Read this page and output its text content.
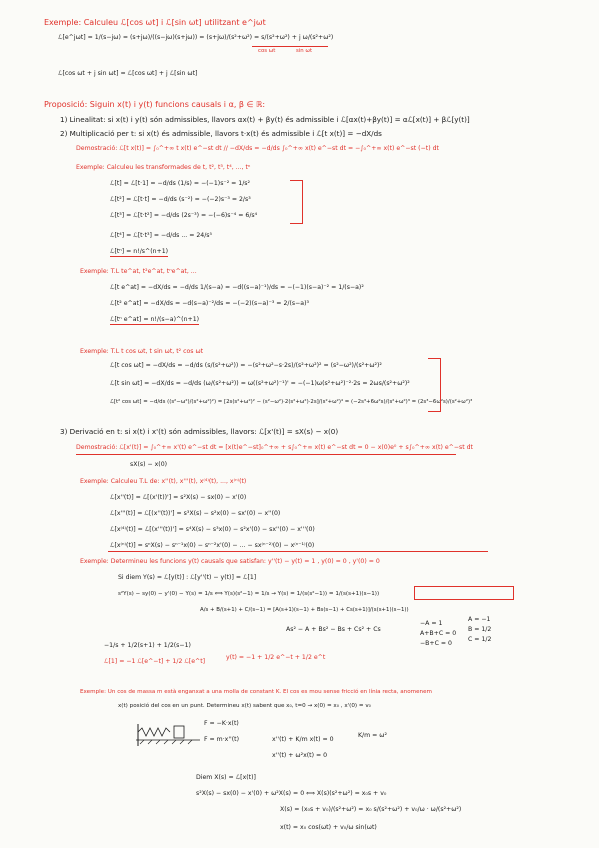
Exemple: Calculeu ℒ[cos ωt] i ℒ[sin ωt] utilitzant e^jωt
ℒ[e^jωt] = 1/(s−jω) = (s+jω)/((s−jω)(s+jω)) = (s+jω)/(s²+ω²) = s/(s²+ω²) + j ω/(s²+ω²)
cos ωt	sin ωt
ℒ[cos ωt + j sin ωt] = ℒ[cos ωt] + j ℒ[sin ωt]
Proposició: Siguin x(t) i y(t) funcions causals i α, β ∈ ℝ:
1) Linealitat: si x(t) i y(t) són admissibles, llavors αx(t) + βy(t) és admissible i ℒ[αx(t)+βy(t)] = αℒ[x(t)] + βℒ[y(t)]
2) Multiplicació per t: si x(t) és admissible, llavors t·x(t) és admissible i ℒ[t x(t)] = −dX/ds
Demostració: ℒ[t x(t)] = ∫₀^+∞ t x(t) e^−st dt // −dX/ds = −d/ds ∫₀^+∞ x(t) e^−st dt = −∫₀^+∞ x(t) e^−st (−t) dt
Exemple: Calculeu les transformades de t, t², t³, t⁴, ..., tⁿ
ℒ[t] = ℒ[t·1] = −d/ds (1/s) = −(−1)s⁻² = 1/s²
ℒ[t²] = ℒ[t·t] = −d/ds (s⁻²) = −(−2)s⁻³ = 2/s³
ℒ[t³] = ℒ[t·t²] = −d/ds (2s⁻³) = −(−6)s⁻⁴ = 6/s⁴
ℒ[t⁴] = ℒ[t·t³] = −d/ds ... = 24/s⁵
ℒ[tⁿ] = n!/s^(n+1)
Exemple: T.L te^at, t²e^at, tⁿe^at, ...
ℒ[t e^at] = −dX/ds = −d/ds 1/(s−a) = −d((s−a)⁻¹)/ds = −(−1)(s−a)⁻² = 1/(s−a)²
ℒ[t² e^at] = −dX/ds = −d(s−a)⁻²/ds = −(−2)(s−a)⁻³ = 2/(s−a)³
ℒ[tⁿ e^at] = n!/(s−a)^(n+1)
Exemple: T.L t cos ωt, t sin ωt, t² cos ωt
ℒ[t cos ωt] = −dX/ds = −d/ds (s/(s²+ω²)) = −(s²+ω²−s·2s)/(s²+ω²)² = (s²−ω²)/(s²+ω²)²
ℒ[t sin ωt] = −dX/ds = −d/ds (ω/(s²+ω²)) = ω((s²+ω²)⁻¹)' = −(−1)ω(s²+ω²)⁻²·2s = 2ωs/(s²+ω²)²
ℒ[t² cos ωt] = −d/ds ((s²−ω²)/(s²+ω²)²) = [2s(s²+ω²)² − (s²−ω²)·2(s²+ω²)·2s]/(s²+ω²)⁴ = (−2s³+6ω²s)/(s²+ω²)³ = (2s³−6ω²s)/(s²+ω²)³
3) Derivació en t: si x(t) i x'(t) són admissibles, llavors: ℒ[x'(t)] = sX(s) − x(0)
Demostració: ℒ[x'(t)] = ∫₀^+∞ x'(t) e^−st dt = [x(t)e^−st]₀^+∞ + s∫₀^+∞ x(t) e^−st dt = 0 − x(0)e⁰ + s∫₀^+∞ x(t) e^−st dt
sX(s) − x(0)
Exemple: Calculeu T.L de: x''(t), x'''(t), x⁽⁴⁾(t), ..., x⁽ⁿ⁾(t)
ℒ[x''(t)] = ℒ[(x'(t))'] = s²X(s) − sx(0) − x'(0)
ℒ[x'''(t)] = ℒ[(x''(t))'] = s³X(s) − s²x(0) − sx'(0) − x''(0)
ℒ[x⁽⁴⁾(t)] = ℒ[(x'''(t))'] = s⁴X(s) − s³x(0) − s²x'(0) − sx''(0) − x'''(0)
ℒ[x⁽ⁿ⁾(t)] = sⁿX(s) − sⁿ⁻¹x(0) − sⁿ⁻²x'(0) − ... − sx⁽ⁿ⁻²⁾(0) − x⁽ⁿ⁻¹⁾(0)
Exemple: Determineu les funcions y(t) causals que satisfan: y''(t) − y(t) = 1 , y(0) = 0 , y'(0) = 0
Si diem Y(s) = ℒ[y(t)] : ℒ[y''(t) − y(t)] = ℒ[1]
s²Y(s) − sy(0) − y'(0) − Y(s) = 1/s ⟺ Y(s)(s²−1) = 1/s → Y(s) = 1/(s(s²−1)) = 1/(s(s+1)(s−1))
A/s + B/(s+1) + C/(s−1) = [A(s+1)(s−1) + Bs(s−1) + Cs(s+1)]/(s(s+1)(s−1))
As² − A + Bs² − Bs + Cs² + Cs
−A = 1
A+B+C = 0
−B+C = 0
A = −1
B = 1/2
C = 1/2
−1/s + 1/2(s+1) + 1/2(s−1)
ℒ[1] = −1 ℒ[e^−t] + 1/2 ℒ[e^t]
y(t) = −1 + 1/2 e^−t + 1/2 e^t
Exemple: Un cos de massa m està enganxat a una molla de constant K. El cos es mou sense fricció en línia recta, anomenem
x(t) posició del cos en un punt. Determineu x(t) sabent que x₀, t=0 → x(0) = x₀ , x'(0) = v₀
F = −K·x(t)
F = m·x''(t)	x''(t) + K/m x(t) = 0
K/m = ω²
x''(t) + ω²x(t) = 0
Diem X(s) = ℒ[x(t)]
s²X(s) − sx(0) − x'(0) + ω²X(s) = 0 ⟺ X(s)(s²+ω²) = x₀s + v₀
X(s) = (x₀s + v₀)/(s²+ω²) = x₀ s/(s²+ω²) + v₀/ω · ω/(s²+ω²)
x(t) = x₀ cos(ωt) + v₀/ω sin(ωt)
